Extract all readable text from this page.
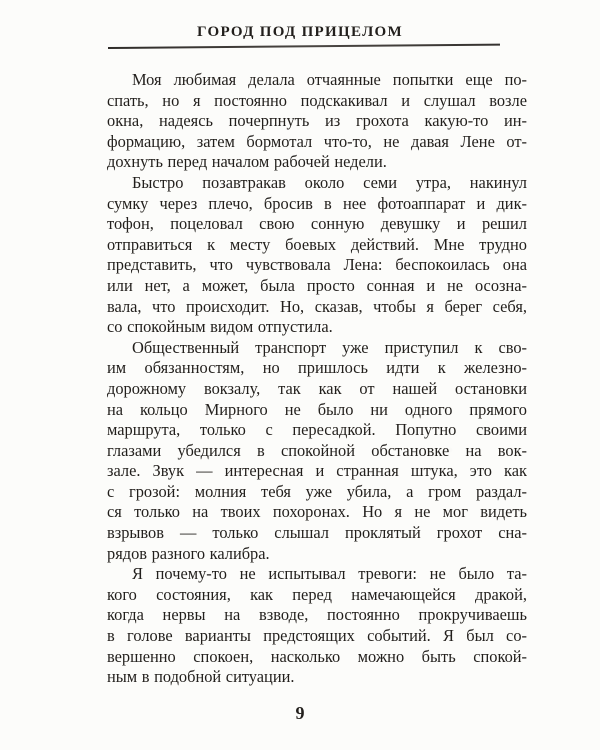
ГОРОД ПОД ПРИЦЕЛОМ
Моя любимая делала отчаянные попытки еще по-
спать, но я постоянно подскакивал и слушал возле
окна, надеясь почерпнуть из грохота какую-то ин-
формацию, затем бормотал что-то, не давая Лене от-
дохнуть перед началом рабочей недели.
Быстро позавтракав около семи утра, накинул
сумку через плечо, бросив в нее фотоаппарат и дик-
тофон, поцеловал свою сонную девушку и решил
отправиться к месту боевых действий. Мне трудно
представить, что чувствовала Лена: беспокоилась она
или нет, а может, была просто сонная и не осозна-
вала, что происходит. Но, сказав, чтобы я берег себя,
со спокойным видом отпустила.
Общественный транспорт уже приступил к сво-
им обязанностям, но пришлось идти к железно-
дорожному вокзалу, так как от нашей остановки
на кольцо Мирного не было ни одного прямого
маршрута, только с пересадкой. Попутно своими
глазами убедился в спокойной обстановке на вок-
зале. Звук — интересная и странная штука, это как
с грозой: молния тебя уже убила, а гром раздал-
ся только на твоих похоронах. Но я не мог видеть
взрывов — только слышал проклятый грохот сна-
рядов разного калибра.
Я почему-то не испытывал тревоги: не было та-
кого состояния, как перед намечающейся дракой,
когда нервы на взводе, постоянно прокручиваешь
в голове варианты предстоящих событий. Я был со-
вершенно спокоен, насколько можно быть спокой-
ным в подобной ситуации.
9
